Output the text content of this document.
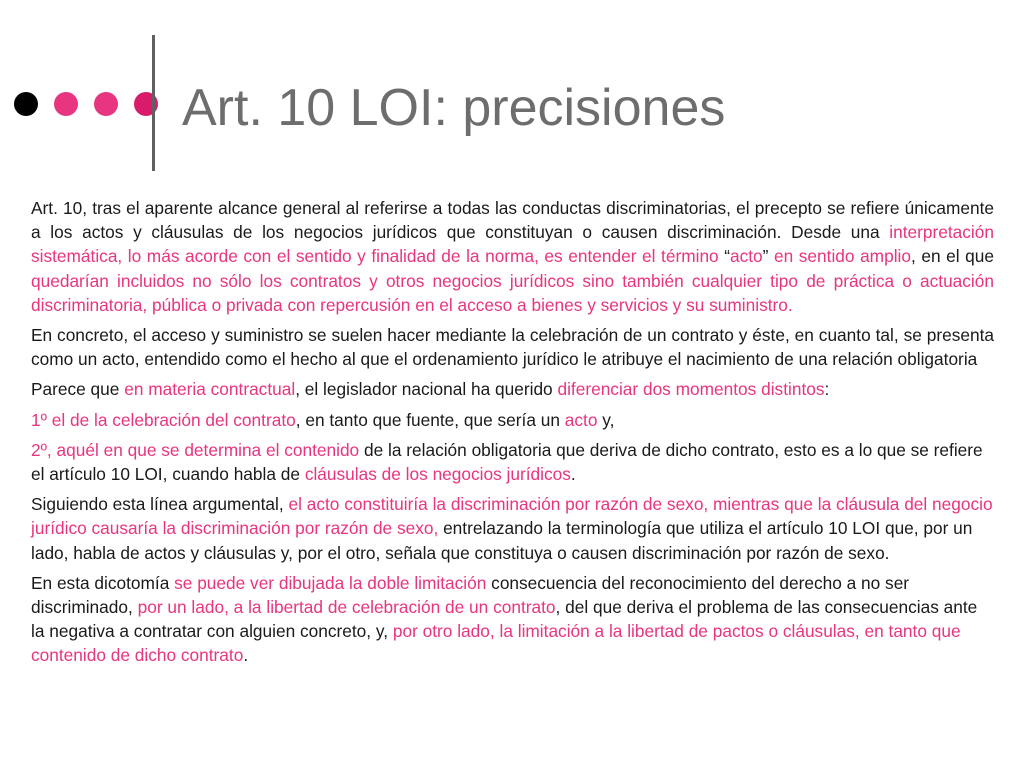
Art. 10 LOI: precisiones

Art. 10, tras el aparente alcance general al referirse a todas las conductas discriminatorias, el precepto se refiere únicamente a los actos y cláusulas de los negocios jurídicos que constituyan o causen discriminación. Desde una interpretación sistemática, lo más acorde con el sentido y finalidad de la norma, es entender el término “acto” en sentido amplio, en el que quedarían incluidos no sólo los contratos y otros negocios jurídicos sino también cualquier tipo de práctica o actuación discriminatoria, pública o privada con repercusión en el acceso a bienes y servicios y su suministro.

En concreto, el acceso y suministro se suelen hacer mediante la celebración de un contrato y éste, en cuanto tal, se presenta como un acto, entendido como el hecho al que el ordenamiento jurídico le atribuye el nacimiento de una relación obligatoria

Parece que en materia contractual, el legislador nacional ha querido diferenciar dos momentos distintos:

1º el de la celebración del contrato, en tanto que fuente, que sería un acto y,

2º, aquél en que se determina el contenido de la relación obligatoria que deriva de dicho contrato, esto es a lo que se refiere el artículo 10 LOI, cuando habla de cláusulas de los negocios jurídicos.

Siguiendo esta línea argumental, el acto constituiría la discriminación por razón de sexo, mientras que la cláusula del negocio jurídico causaría la discriminación por razón de sexo, entrelazando la terminología que utiliza el artículo 10 LOI que, por un lado, habla de actos y cláusulas y, por el otro, señala que constituya o causen discriminación por razón de sexo.

En esta dicotomía se puede ver dibujada la doble limitación consecuencia del reconocimiento del derecho a no ser discriminado, por un lado, a la libertad de celebración de un contrato, del que deriva el problema de las consecuencias ante la negativa a contratar con alguien concreto, y, por otro lado, la limitación a la libertad de pactos o cláusulas, en tanto que contenido de dicho contrato.
